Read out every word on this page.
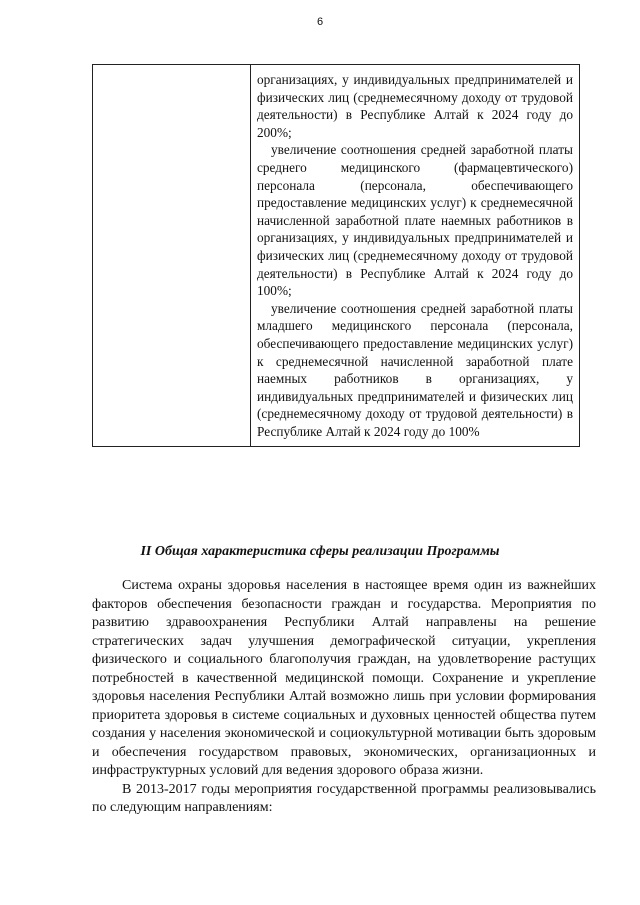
6

организациях, у индивидуальных предпринимателей и физических лиц (среднемесячному доходу от трудовой деятельности) в Республике Алтай к 2024 году до 200%;

увеличение соотношения средней заработной платы среднего медицинского (фармацевтического) персонала (персонала, обеспечивающего предоставление медицинских услуг) к среднемесячной начисленной заработной плате наемных работников в организациях, у индивидуальных предпринимателей и физических лиц (среднемесячному доходу от трудовой деятельности) в Республике Алтай к 2024 году до 100%;

увеличение соотношения средней заработной платы младшего медицинского персонала (персонала, обеспечивающего предоставление медицинских услуг) к среднемесячной начисленной заработной плате наемных работников в организациях, у индивидуальных предпринимателей и физических лиц (среднемесячному доходу от трудовой деятельности) в Республике Алтай к 2024 году до 100%

II Общая характеристика сферы реализации Программы

Система охраны здоровья населения в настоящее время один из важнейших факторов обеспечения безопасности граждан и государства. Мероприятия по развитию здравоохранения Республики Алтай направлены на решение стратегических задач улучшения демографической ситуации, укрепления физического и социального благополучия граждан, на удовлетворение растущих потребностей в качественной медицинской помощи. Сохранение и укрепление здоровья населения Республики Алтай возможно лишь при условии формирования приоритета здоровья в системе социальных и духовных ценностей общества путем создания у населения экономической и социокультурной мотивации быть здоровым и обеспечения государством правовых, экономических, организационных и инфраструктурных условий для ведения здорового образа жизни.

В 2013-2017 годы мероприятия государственной программы реализовывались по следующим направлениям:
